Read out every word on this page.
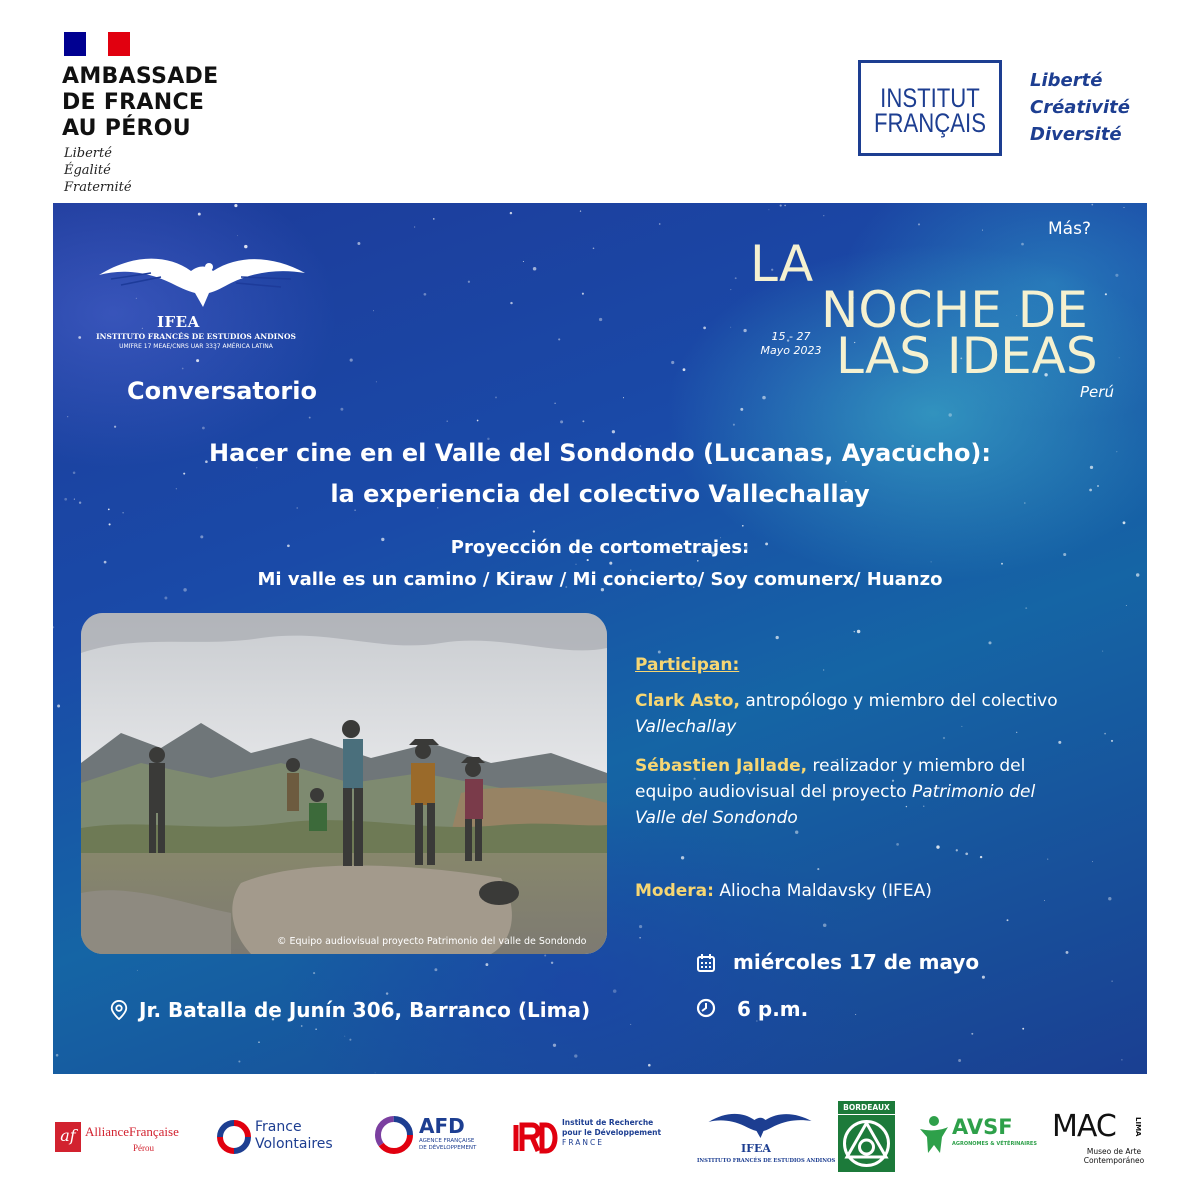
AMBASSADE
DE FRANCE
AU PÉROU
Liberté
Égalité
Fraternité
INSTITUT
FRANÇAIS
Liberté
Créativité
Diversité
IFEA
INSTITUTO FRANCÉS DE ESTUDIOS ANDINOS
UMIFRE 17 MEAE/CNRS UAR 3337 AMÉRICA LATINA
Más?
LA
NOCHE DE
LAS IDEAS
15 - 27
Mayo 2023
Perú
Conversatorio
Hacer cine en el Valle del Sondondo (Lucanas, Ayacucho):
la experiencia del colectivo Vallechallay
Proyección de cortometrajes:
Mi valle es un camino / Kiraw / Mi concierto/ Soy comunerx/ Huanzo
© Equipo audiovisual proyecto Patrimonio del valle de Sondondo
Participan:
Clark Asto, antropólogo y miembro del colectivo
Vallechallay
Sébastien Jallade, realizador y miembro del
equipo audiovisual del proyecto Patrimonio del
Valle del Sondondo
Modera: Aliocha Maldavsky (IFEA)
miércoles 17 de mayo
6 p.m.
Jr. Batalla de Junín 306, Barranco (Lima)
af AllianceFrançaise
Pérou
France
Volontaires
AFD
AGENCE FRANÇAISE
DE DÉVELOPPEMENT
Institut de Recherche
pour le Développement
FRANCE	IFEA
INSTITUTO FRANCÉS DE ESTUDIOS ANDINOS
BORDEAUX
AVSF
AGRONOMES & VÉTÉRINAIRES MAC	LIMA
Museo de Arte Contemporáneo
